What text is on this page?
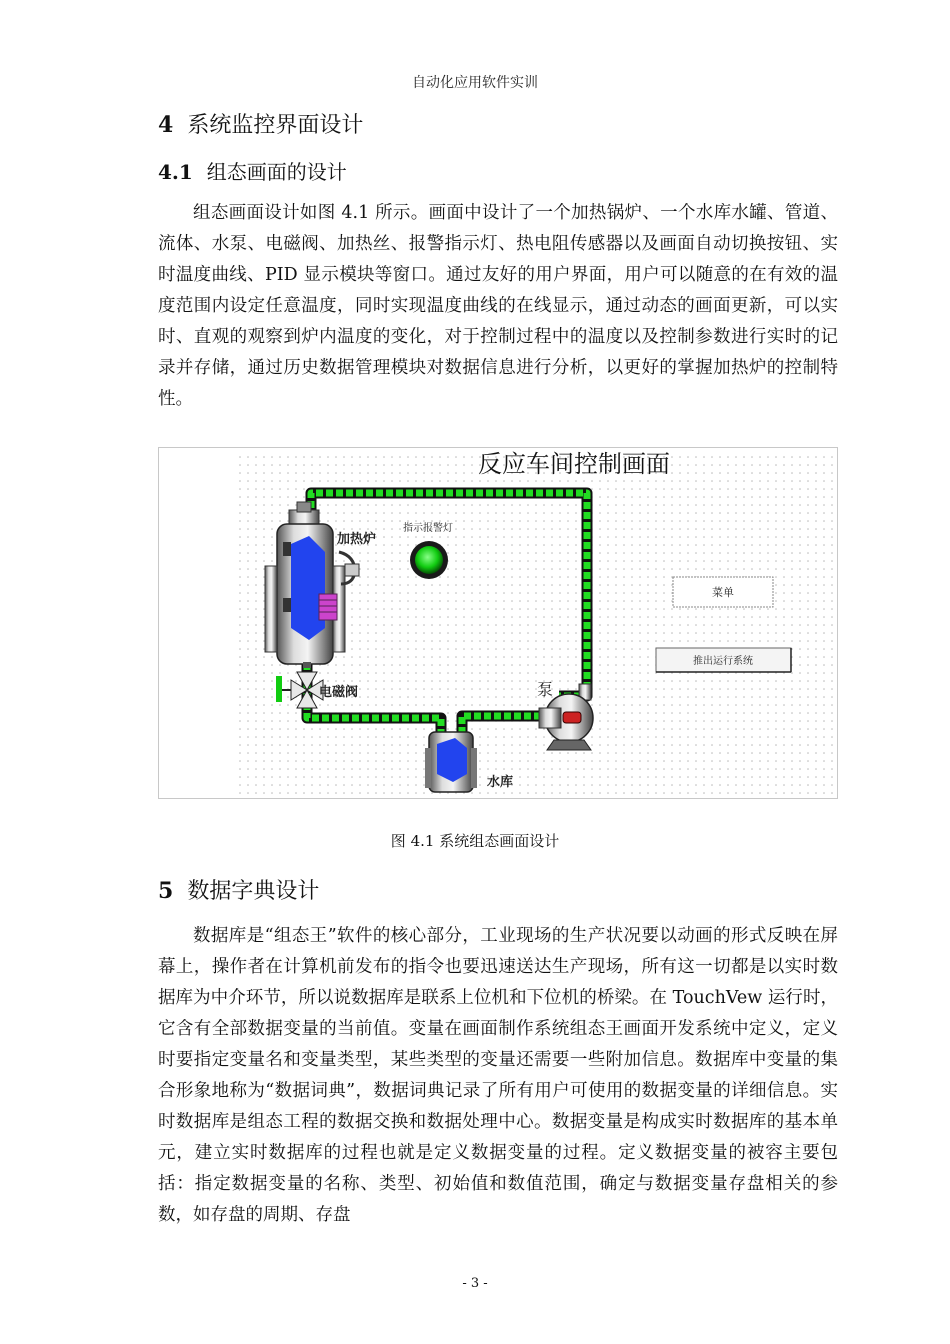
自动化应用软件实训
4 系统监控界面设计
4.1 组态画面的设计

组态画面设计如图 4.1 所示。画面中设计了一个加热锅炉、一个水库水罐、管道、流体、水泵、电磁阀、加热丝、报警指示灯、热电阻传感器以及画面自动切换按钮、实时温度曲线、PID 显示模块等窗口。通过友好的用户界面，用户可以随意的在有效的温度范围内设定任意温度，同时实现温度曲线的在线显示，通过动态的画面更新，可以实时、直观的观察到炉内温度的变化，对于控制过程中的温度以及控制参数进行实时的记录并存储，通过历史数据管理模块对数据信息进行分析，以更好的掌握加热炉的控制特性。

反应车间控制画面
加热炉
指示报警灯
电磁阀	泵
水库
菜单
推出运行系统
图 4.1 系统组态画面设计
5 数据字典设计

数据库是“组态王”软件的核心部分，工业现场的生产状况要以动画的形式反映在屏幕上，操作者在计算机前发布的指令也要迅速送达生产现场，所有这一切都是以实时数据库为中介环节，所以说数据库是联系上位机和下位机的桥梁。在 TouchVew 运行时，它含有全部数据变量的当前值。变量在画面制作系统组态王画面开发系统中定义，定义时要指定变量名和变量类型，某些类型的变量还需要一些附加信息。数据库中变量的集合形象地称为“数据词典”，数据词典记录了所有用户可使用的数据变量的详细信息。实时数据库是组态工程的数据交换和数据处理中心。数据变量是构成实时数据库的基本单元，建立实时数据库的过程也就是定义数据变量的过程。定义数据变量的被容主要包括：指定数据变量的名称、类型、初始值和数值范围，确定与数据变量存盘相关的参数，如存盘的周期、存盘

- 3 -
